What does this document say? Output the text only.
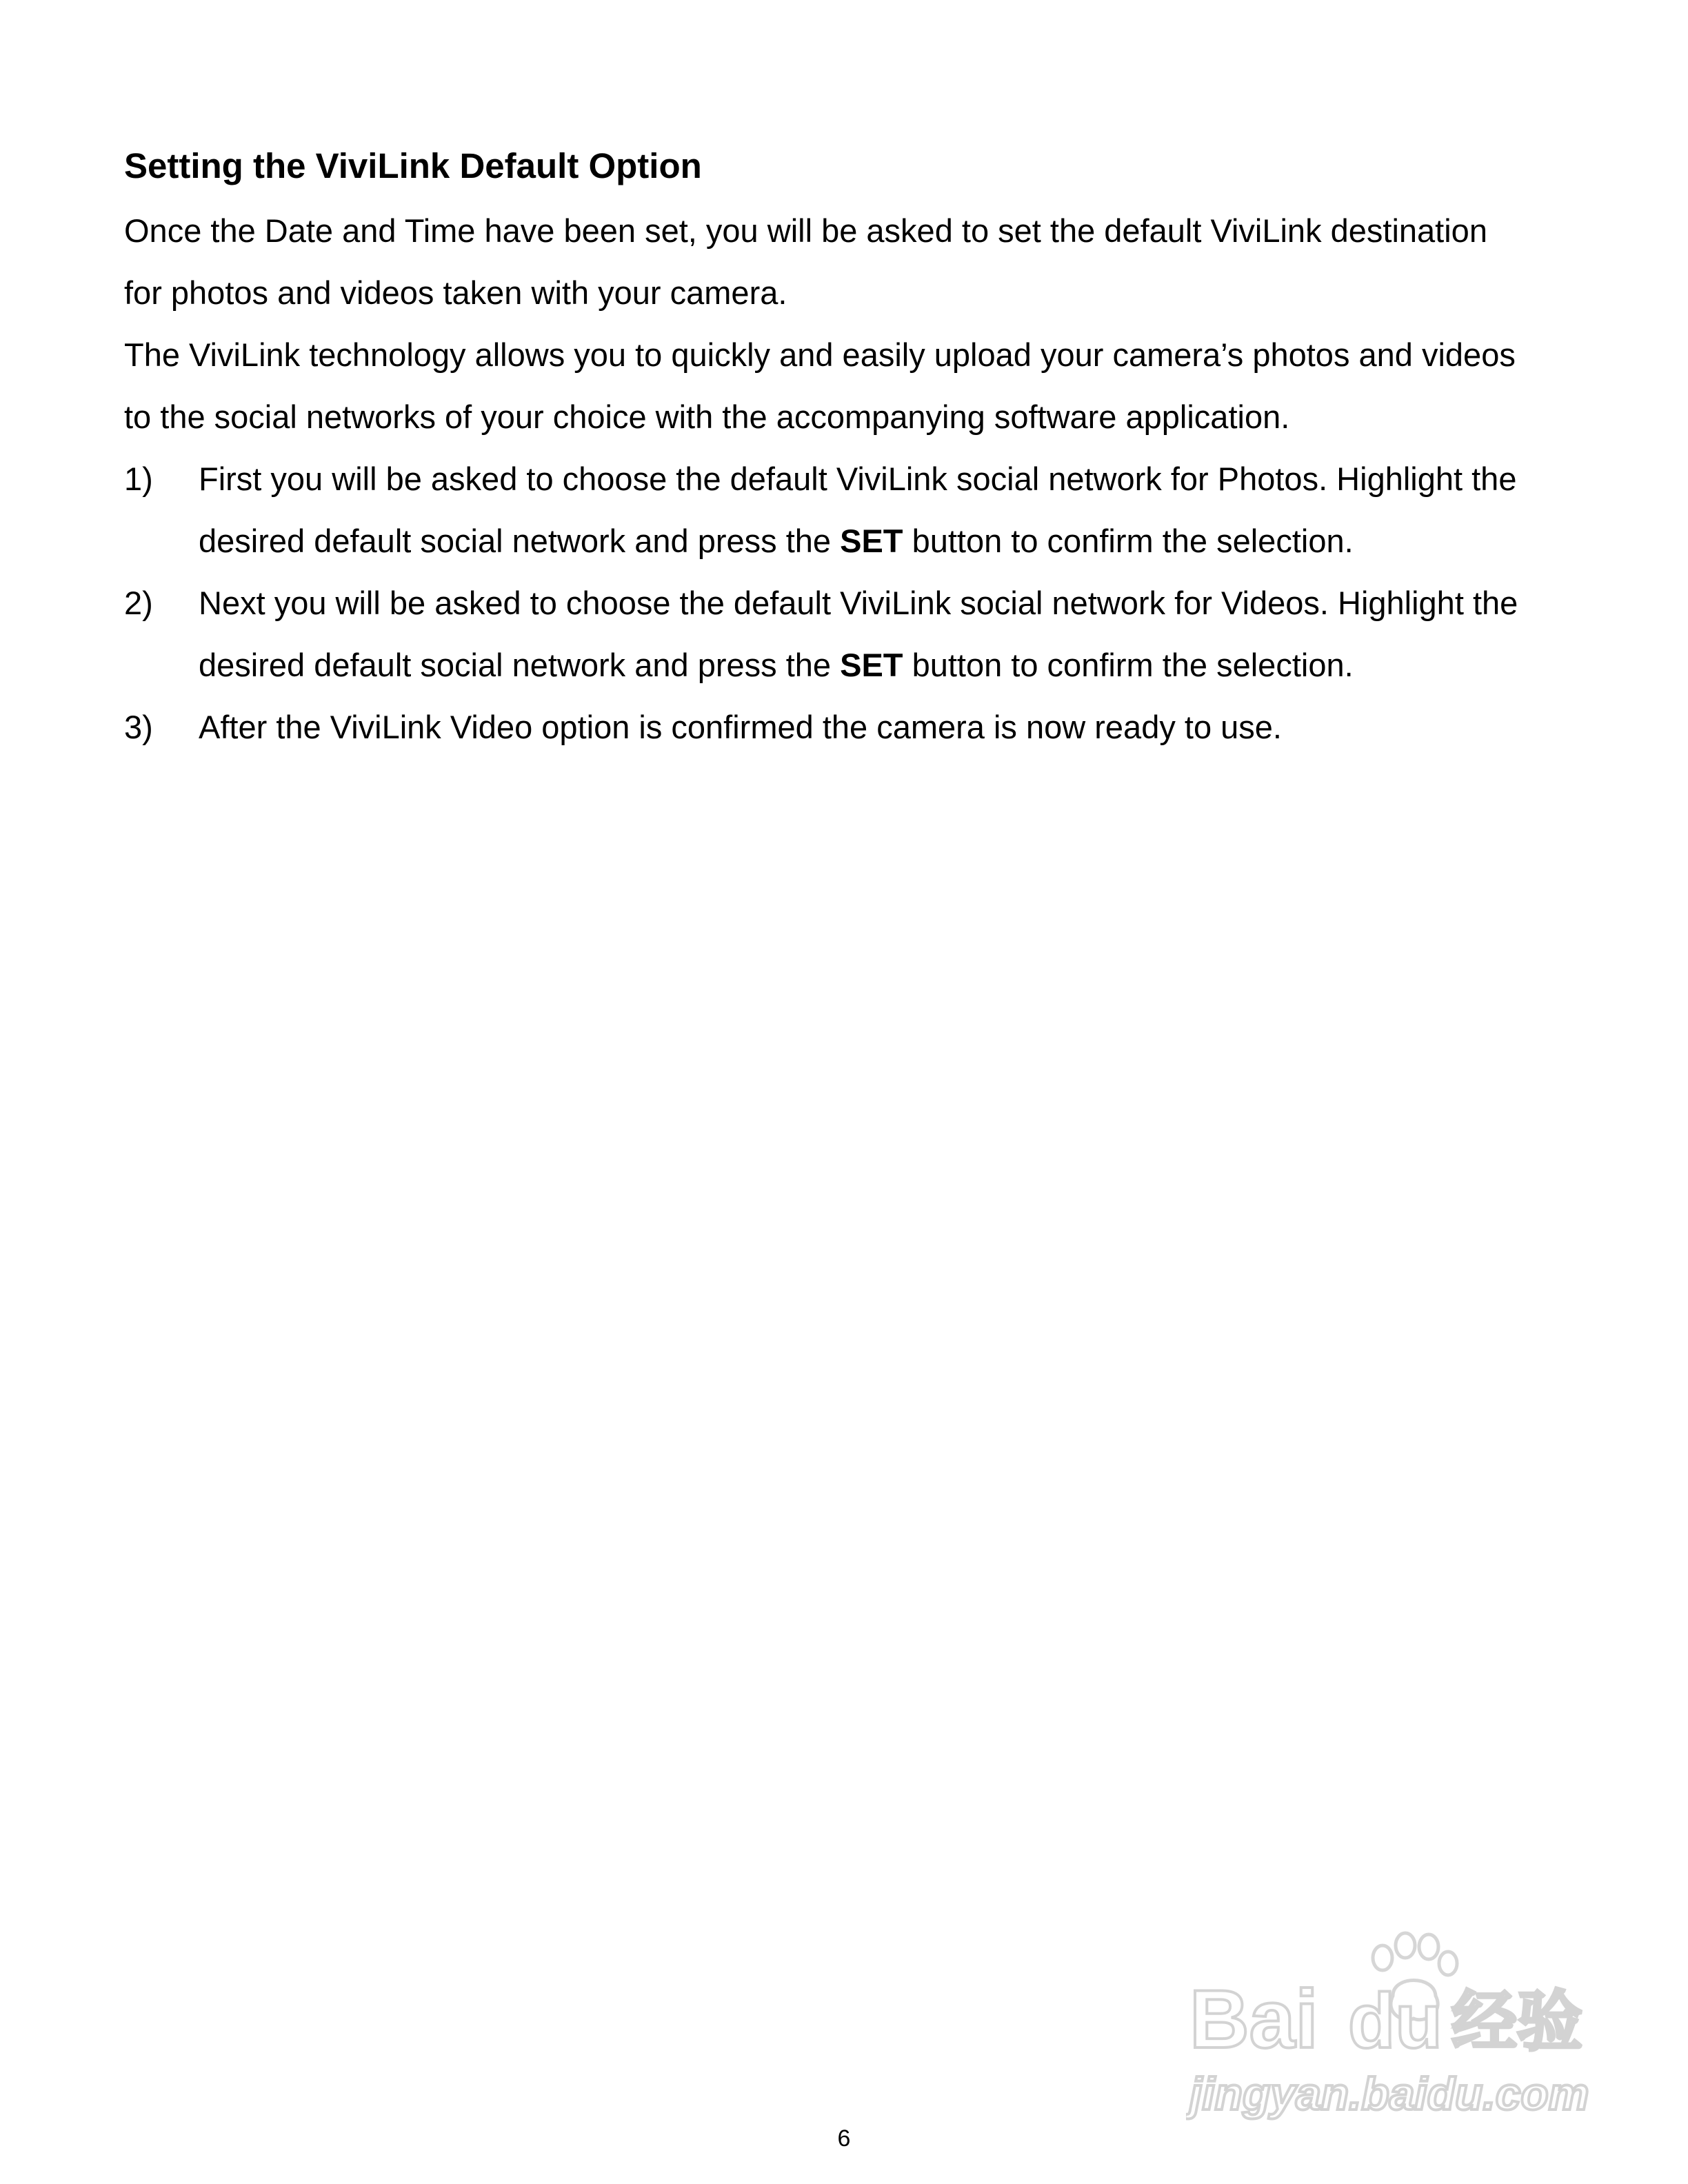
Setting the ViviLink Default Option
Once the Date and Time have been set, you will be asked to set the default ViviLink destination
for photos and videos taken with your camera.
The ViviLink technology allows you to quickly and easily upload your camera’s photos and videos
to the social networks of your choice with the accompanying software application.
1) First you will be asked to choose the default ViviLink social network for Photos. Highlight the
desired default social network and press the SET button to confirm the selection.
2) Next you will be asked to choose the default ViviLink social network for Videos. Highlight the
desired default social network and press the SET button to confirm the selection.
3) After the ViviLink Video option is confirmed the camera is now ready to use.
Bai du 经验
jingyan.baidu.com
6
